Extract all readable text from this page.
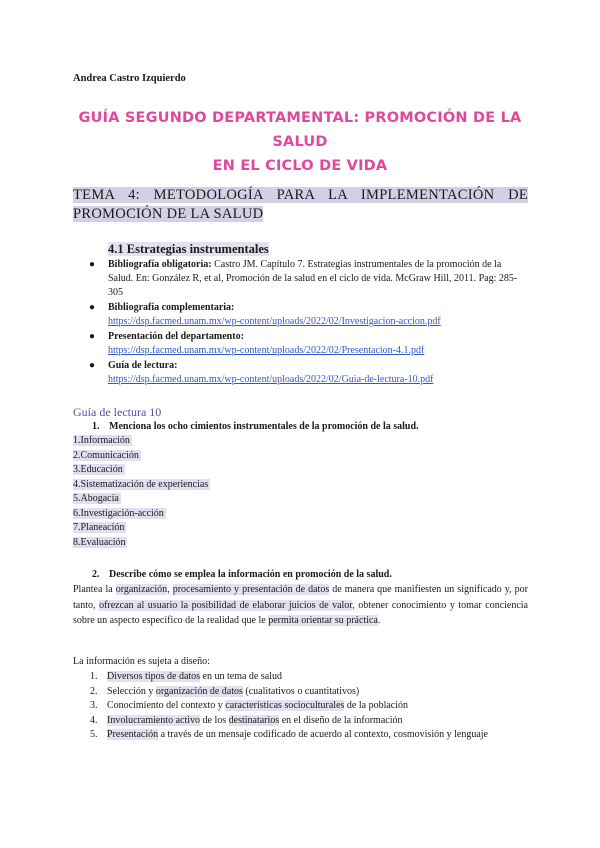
Andrea Castro Izquierdo
GUÍA SEGUNDO DEPARTAMENTAL: PROMOCIÓN DE LA SALUD
EN EL CICLO DE VIDA
TEMA 4: METODOLOGÍA PARA LA IMPLEMENTACIÓN DE PROMOCIÓN DE LA SALUD
4.1 Estrategias instrumentales
● Bibliografía obligatoria: Castro JM. Capítulo 7. Estrategias instrumentales de la promoción de la Salud. En: González R, et al, Promoción de la salud en el ciclo de vida. McGraw Hill, 2011. Pag: 285-305
● Bibliografía complementaria:
https://dsp.facmed.unam.mx/wp-content/uploads/2022/02/Investigacion-accion.pdf
● Presentación del departamento:
https://dsp.facmed.unam.mx/wp-content/uploads/2022/02/Presentacion-4.1.pdf
● Guía de lectura:
https://dsp.facmed.unam.mx/wp-content/uploads/2022/02/Guia-de-lectura-10.pdf
Guía de lectura 10
1. Menciona los ocho cimientos instrumentales de la promoción de la salud.
1.Información
2.Comunicación
3.Educación
4.Sistematización de experiencias
5.Abogacía
6.Investigación-acción
7.Planeación
8.Evaluación
2. Describe cómo se emplea la información en promoción de la salud.
Plantea la organización, procesamiento y presentación de datos de manera que manifiesten un significado y, por tanto, ofrezcan al usuario la posibilidad de elaborar juicios de valor, obtener conocimiento y tomar conciencia sobre un aspecto específico de la realidad que le permita orientar su práctica.
La información es sujeta a diseño:
1. Diversos tipos de datos en un tema de salud
2. Selección y organización de datos (cualitativos o cuantitativos)
3. Conocimiento del contexto y características socioculturales de la población
4. Involucramiento activo de los destinatarios en el diseño de la información
5. Presentación a través de un mensaje codificado de acuerdo al contexto, cosmovisión y lenguaje
